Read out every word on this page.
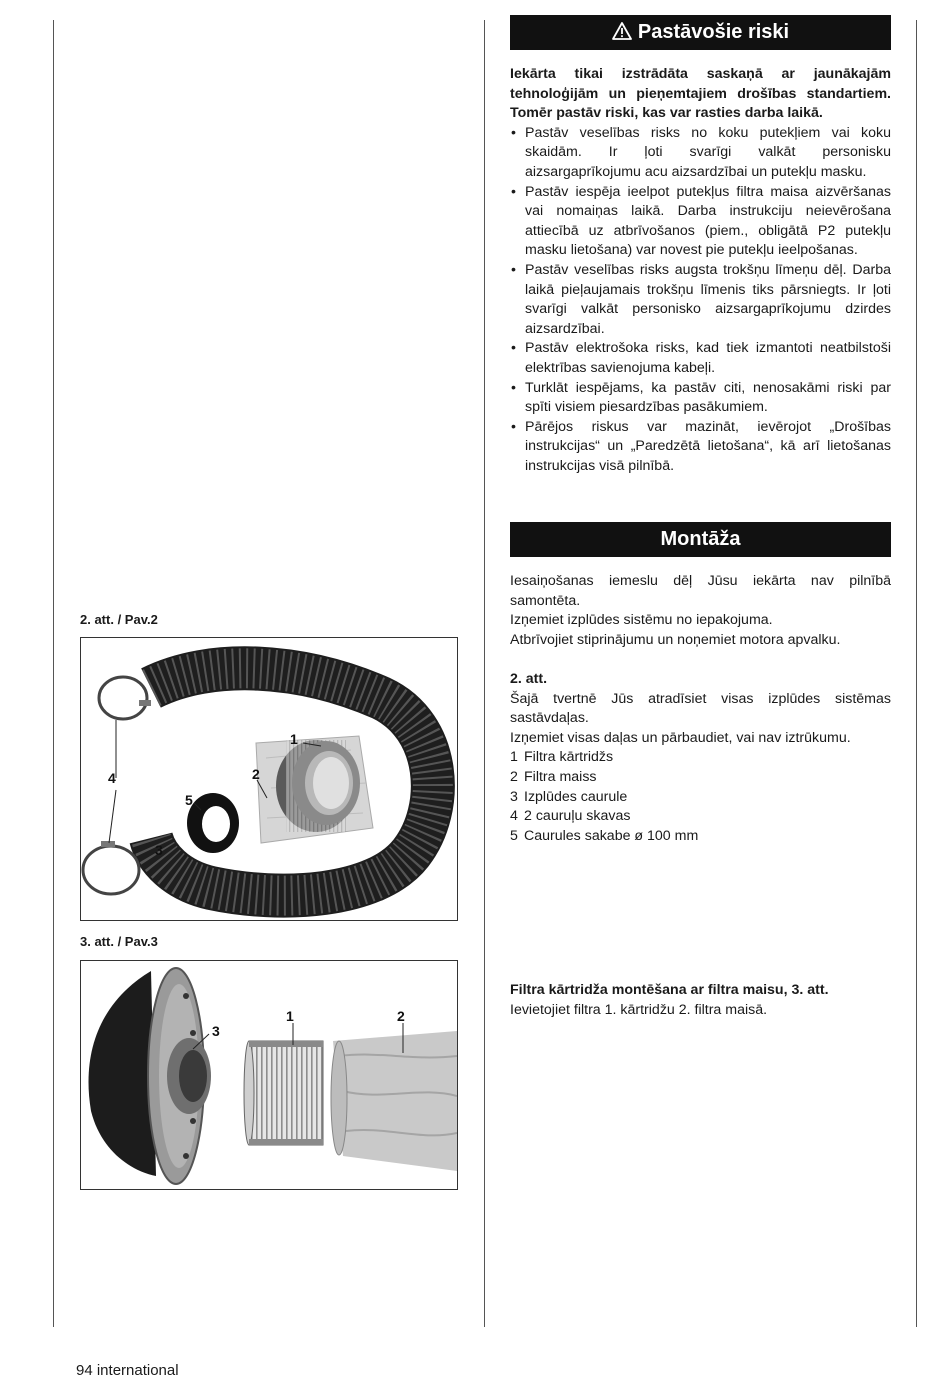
Pastāvošie riski
Iekārta tikai izstrādāta saskaņā ar jaunākajām tehnoloģijām un pieņemtajiem drošības standartiem. Tomēr pastāv riski, kas var rasties darba laikā.
• Pastāv veselības risks no koku putekļiem vai koku skaidām. Ir ļoti svarīgi valkāt personisku aizsargaprīkojumu acu aizsardzībai un putekļu masku.
• Pastāv iespēja ieelpot putekļus filtra maisa aizvēršanas vai nomaiņas laikā. Darba instrukciju neievērošana attiecībā uz atbrīvošanos (piem., obligātā P2 putekļu masku lietošana) var novest pie putekļu ieelpošanas.
• Pastāv veselības risks augsta trokšņu līmeņu dēļ. Darba laikā pieļaujamais trokšņu līmenis tiks pārsniegts. Ir ļoti svarīgi valkāt personisko aizsargaprīkojumu dzirdes aizsardzībai.
• Pastāv elektrošoka risks, kad tiek izmantoti neatbilstoši elektrības savienojuma kabeļi.
• Turklāt iespējams, ka pastāv citi, nenosakāmi riski par spīti visiem piesardzības pasākumiem.
• Pārējos riskus var mazināt, ievērojot „Drošības instrukcijas“ un „Paredzētā lietošana“, kā arī lietošanas instrukcijas visā pilnībā.
Montāža
Iesaiņošanas iemeslu dēļ Jūsu iekārta nav pilnībā samontēta.
Izņemiet izplūdes sistēmu no iepakojuma.
Atbrīvojiet stiprinājumu un noņemiet motora apvalku.
2. att.
Šajā tvertnē Jūs atradīsiet visas izplūdes sistēmas sastāvdaļas.
Izņemiet visas daļas un pārbaudiet, vai nav iztrūkumu.
1 Filtra kārtridžs
2 Filtra maiss
3 Izplūdes caurule
4 2 cauruļu skavas
5 Caurules sakabe ø 100 mm
Filtra kārtridža montēšana ar filtra maisu, 3. att.
Ievietojiet filtra 1. kārtridžu 2. filtra maisā.
2. att. / Pav.2
1
2
3
4
5
3. att. / Pav.3
1	2
3
94 international
